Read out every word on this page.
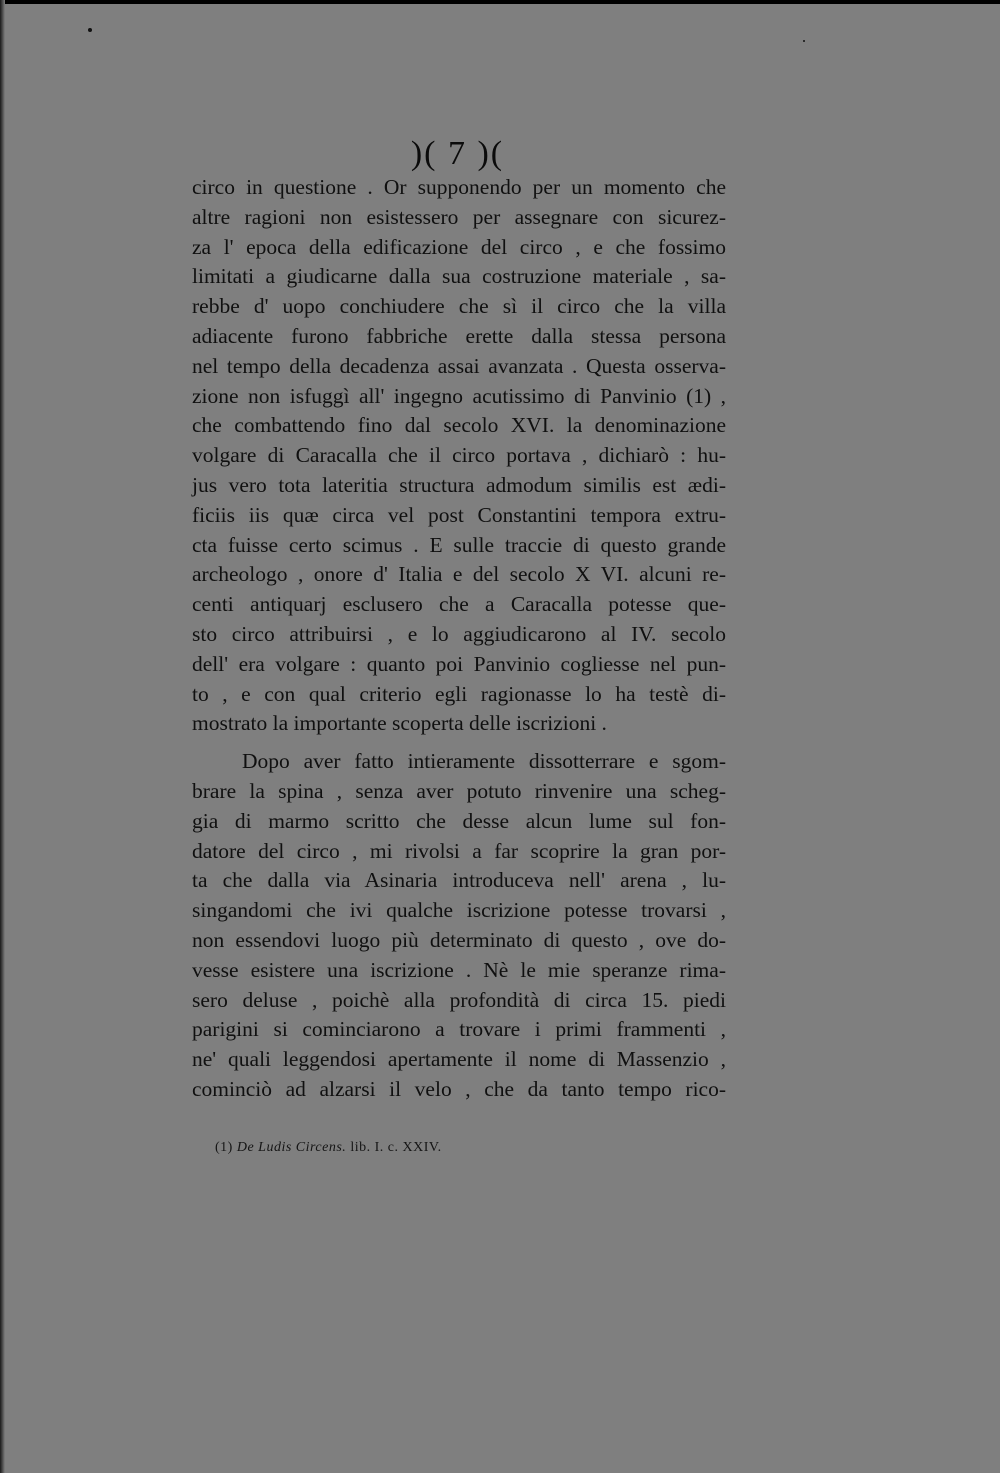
)( 7 )(
circo in questione . Or supponendo per un momento che
altre ragioni non esistessero per assegnare con sicurez-
za l' epoca della edificazione del circo , e che fossimo
limitati a giudicarne dalla sua costruzione materiale , sa-
rebbe d' uopo conchiudere che sì il circo che la villa
adiacente furono fabbriche erette dalla stessa persona
nel tempo della decadenza assai avanzata . Questa osserva-
zione non isfuggì all' ingegno acutissimo di Panvinio (1) ,
che combattendo fino dal secolo XVI. la denominazione
volgare di Caracalla che il circo portava , dichiarò : hu-
jus vero tota lateritia structura admodum similis est ædi-
ficiis iis quæ circa vel post Constantini tempora extru-
cta fuisse certo scimus . E sulle traccie di questo grande
archeologo , onore d' Italia e del secolo X VI. alcuni re-
centi antiquarj esclusero che a Caracalla potesse que-
sto circo attribuirsi , e lo aggiudicarono al IV. secolo
dell' era volgare : quanto poi Panvinio cogliesse nel pun-
to , e con qual criterio egli ragionasse lo ha testè di-
mostrato la importante scoperta delle iscrizioni .
Dopo aver fatto intieramente dissotterrare e sgom-
brare la spina , senza aver potuto rinvenire una scheg-
gia di marmo scritto che desse alcun lume sul fon-
datore del circo , mi rivolsi a far scoprire la gran por-
ta che dalla via Asinaria introduceva nell' arena , lu-
singandomi che ivi qualche iscrizione potesse trovarsi ,
non essendovi luogo più determinato di questo , ove do-
vesse esistere una iscrizione . Nè le mie speranze rima-
sero deluse , poichè alla profondità di circa 15. piedi
parigini si cominciarono a trovare i primi frammenti ,
ne' quali leggendosi apertamente il nome di Massenzio ,
cominciò ad alzarsi il velo , che da tanto tempo rico-
(1) De Ludis Circens. lib. I. c. XXIV.
